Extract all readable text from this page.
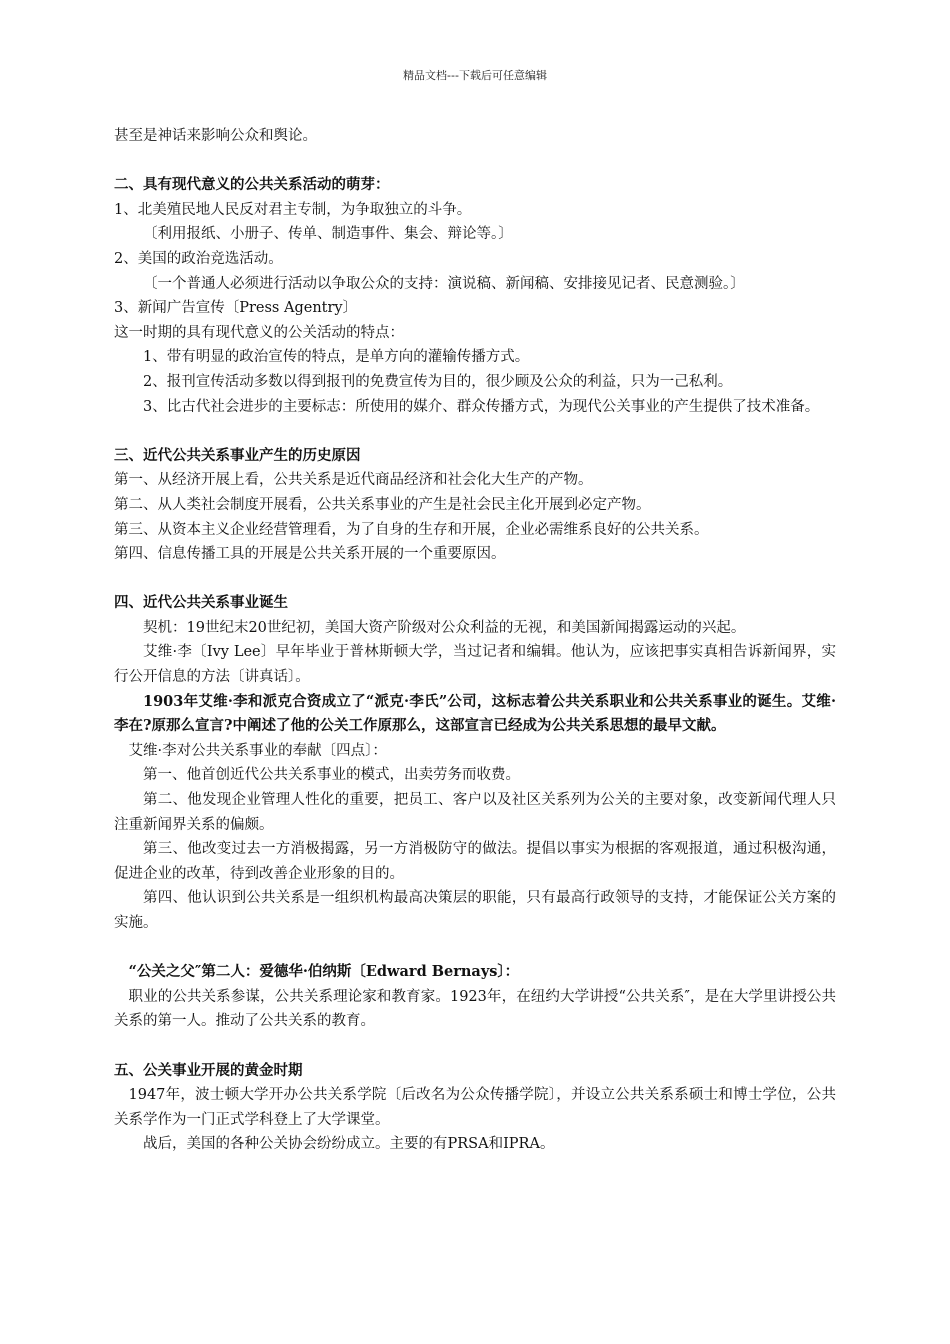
精品文档---下载后可任意编辑

甚至是神话来影响公众和舆论。

二、具有现代意义的公共关系活动的萌芽：

1、北美殖民地人民反对君主专制，为争取独立的斗争。

〔利用报纸、小册子、传单、制造事件、集会、辩论等。〕

2、美国的政治竞选活动。

〔一个普通人必须进行活动以争取公众的支持：演说稿、新闻稿、安排接见记者、民意测验。〕

3、新闻广告宣传〔Press Agentry〕

这一时期的具有现代意义的公关活动的特点：

1、带有明显的政治宣传的特点，是单方向的灌输传播方式。

2、报刊宣传活动多数以得到报刊的免费宣传为目的，很少顾及公众的利益，只为一己私利。

3、比古代社会进步的主要标志：所使用的媒介、群众传播方式，为现代公关事业的产生提供了技术准备。

三、近代公共关系事业产生的历史原因

第一、从经济开展上看，公共关系是近代商品经济和社会化大生产的产物。

第二、从人类社会制度开展看，公共关系事业的产生是社会民主化开展到必定产物。

第三、从资本主义企业经营管理看，为了自身的生存和开展，企业必需维系良好的公共关系。

第四、信息传播工具的开展是公共关系开展的一个重要原因。

四、近代公共关系事业诞生

契机：19世纪末20世纪初，美国大资产阶级对公众利益的无视，和美国新闻揭露运动的兴起。

艾维·李〔Ivy Lee〕早年毕业于普林斯顿大学，当过记者和编辑。他认为，应该把事实真相告诉新闻界，实行公开信息的方法〔讲真话〕。

1903年艾维·李和派克合资成立了“派克·李氏”公司，这标志着公共关系职业和公共关系事业的诞生。艾维·李在?原那么宣言?中阐述了他的公关工作原那么，这部宣言已经成为公共关系思想的最早文献。

艾维·李对公共关系事业的奉献〔四点〕：

第一、他首创近代公共关系事业的模式，出卖劳务而收费。

第二、他发现企业管理人性化的重要，把员工、客户以及社区关系列为公关的主要对象，改变新闻代理人只注重新闻界关系的偏颇。

第三、他改变过去一方消极揭露，另一方消极防守的做法。提倡以事实为根据的客观报道，通过积极沟通，促进企业的改革，待到改善企业形象的目的。

第四、他认识到公共关系是一组织机构最高决策层的职能，只有最高行政领导的支持，才能保证公关方案的实施。

“公关之父″第二人：爱德华·伯纳斯〔Edward Bernays〕：

职业的公共关系参谋，公共关系理论家和教育家。1923年，在纽约大学讲授“公共关系″，是在大学里讲授公共关系的第一人。推动了公共关系的教育。

五、公关事业开展的黄金时期

1947年，波士顿大学开办公共关系学院〔后改名为公众传播学院〕，并设立公共关系系硕士和博士学位，公共关系学作为一门正式学科登上了大学课堂。

战后，美国的各种公关协会纷纷成立。主要的有PRSA和IPRA。
